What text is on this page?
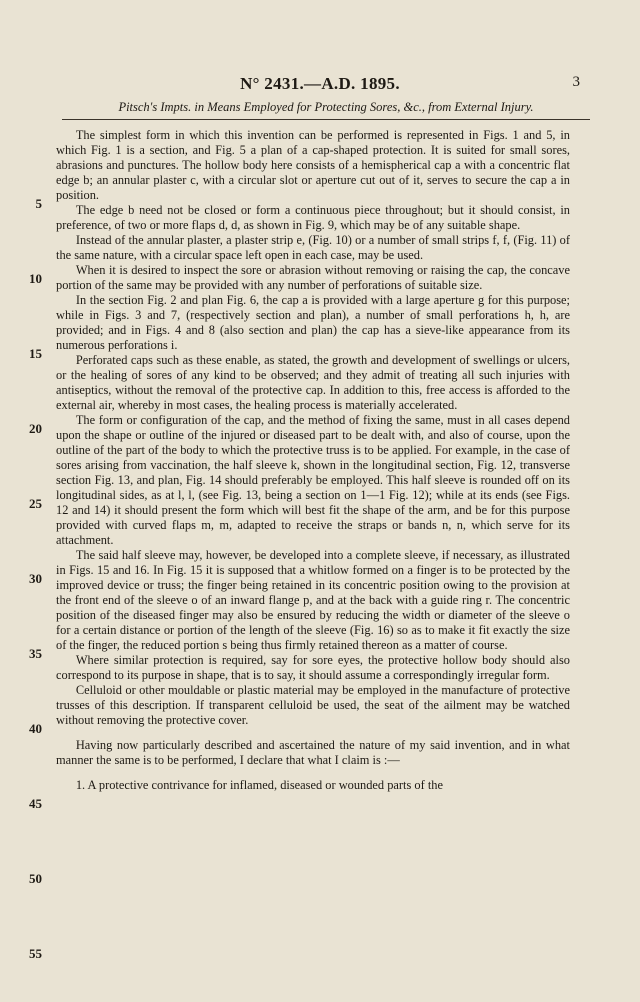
N° 2431.—A.D. 1895.	3
Pitsch's Impts. in Means Employed for Protecting Sores, &c., from External Injury.

The simplest form in which this invention can be performed is represented in Figs. 1 and 5, in which Fig. 1 is a section, and Fig. 5 a plan of a cap-shaped protection. It is suited for small sores, abrasions and punctures. The hollow body here consists of a hemispherical cap a with a concentric flat edge b; an annular plaster c, with a circular slot or aperture cut out of it, serves to secure the cap a in position.

The edge b need not be closed or form a continuous piece throughout; but it should consist, in preference, of two or more flaps d, d, as shown in Fig. 9, which may be of any suitable shape.

Instead of the annular plaster, a plaster strip e, (Fig. 10) or a number of small strips f, f, (Fig. 11) of the same nature, with a circular space left open in each case, may be used.

When it is desired to inspect the sore or abrasion without removing or raising the cap, the concave portion of the same may be provided with any number of perforations of suitable size.

In the section Fig. 2 and plan Fig. 6, the cap a is provided with a large aperture g for this purpose; while in Figs. 3 and 7, (respectively section and plan), a number of small perforations h, h, are provided; and in Figs. 4 and 8 (also section and plan) the cap has a sieve-like appearance from its numerous perforations i.

Perforated caps such as these enable, as stated, the growth and development of swellings or ulcers, or the healing of sores of any kind to be observed; and they admit of treating all such injuries with antiseptics, without the removal of the protective cap. In addition to this, free access is afforded to the external air, whereby in most cases, the healing process is materially accelerated.

The form or configuration of the cap, and the method of fixing the same, must in all cases depend upon the shape or outline of the injured or diseased part to be dealt with, and also of course, upon the outline of the part of the body to which the protective truss is to be applied. For example, in the case of sores arising from vaccination, the half sleeve k, shown in the longitudinal section, Fig. 12, transverse section Fig. 13, and plan, Fig. 14 should preferably be employed. This half sleeve is rounded off on its longitudinal sides, as at l, l, (see Fig. 13, being a section on 1—1 Fig. 12); while at its ends (see Figs. 12 and 14) it should present the form which will best fit the shape of the arm, and be for this purpose provided with curved flaps m, m, adapted to receive the straps or bands n, n, which serve for its attachment.

The said half sleeve may, however, be developed into a complete sleeve, if necessary, as illustrated in Figs. 15 and 16. In Fig. 15 it is supposed that a whitlow formed on a finger is to be protected by the improved device or truss; the finger being retained in its concentric position owing to the provision at the front end of the sleeve o of an inward flange p, and at the back with a guide ring r. The concentric position of the diseased finger may also be ensured by reducing the width or diameter of the sleeve o for a certain distance or portion of the length of the sleeve (Fig. 16) so as to make it fit exactly the size of the finger, the reduced portion s being thus firmly retained thereon as a matter of course.

Where similar protection is required, say for sore eyes, the protective hollow body should also correspond to its purpose in shape, that is to say, it should assume a correspondingly irregular form.

Celluloid or other mouldable or plastic material may be employed in the manufacture of protective trusses of this description. If transparent celluloid be used, the seat of the ailment may be watched without removing the protective cover.

Having now particularly described and ascertained the nature of my said invention, and in what manner the same is to be performed, I declare that what I claim is :—

1. A protective contrivance for inflamed, diseased or wounded parts of the

5
10
15
20
25
30
35
40
45
50
55
